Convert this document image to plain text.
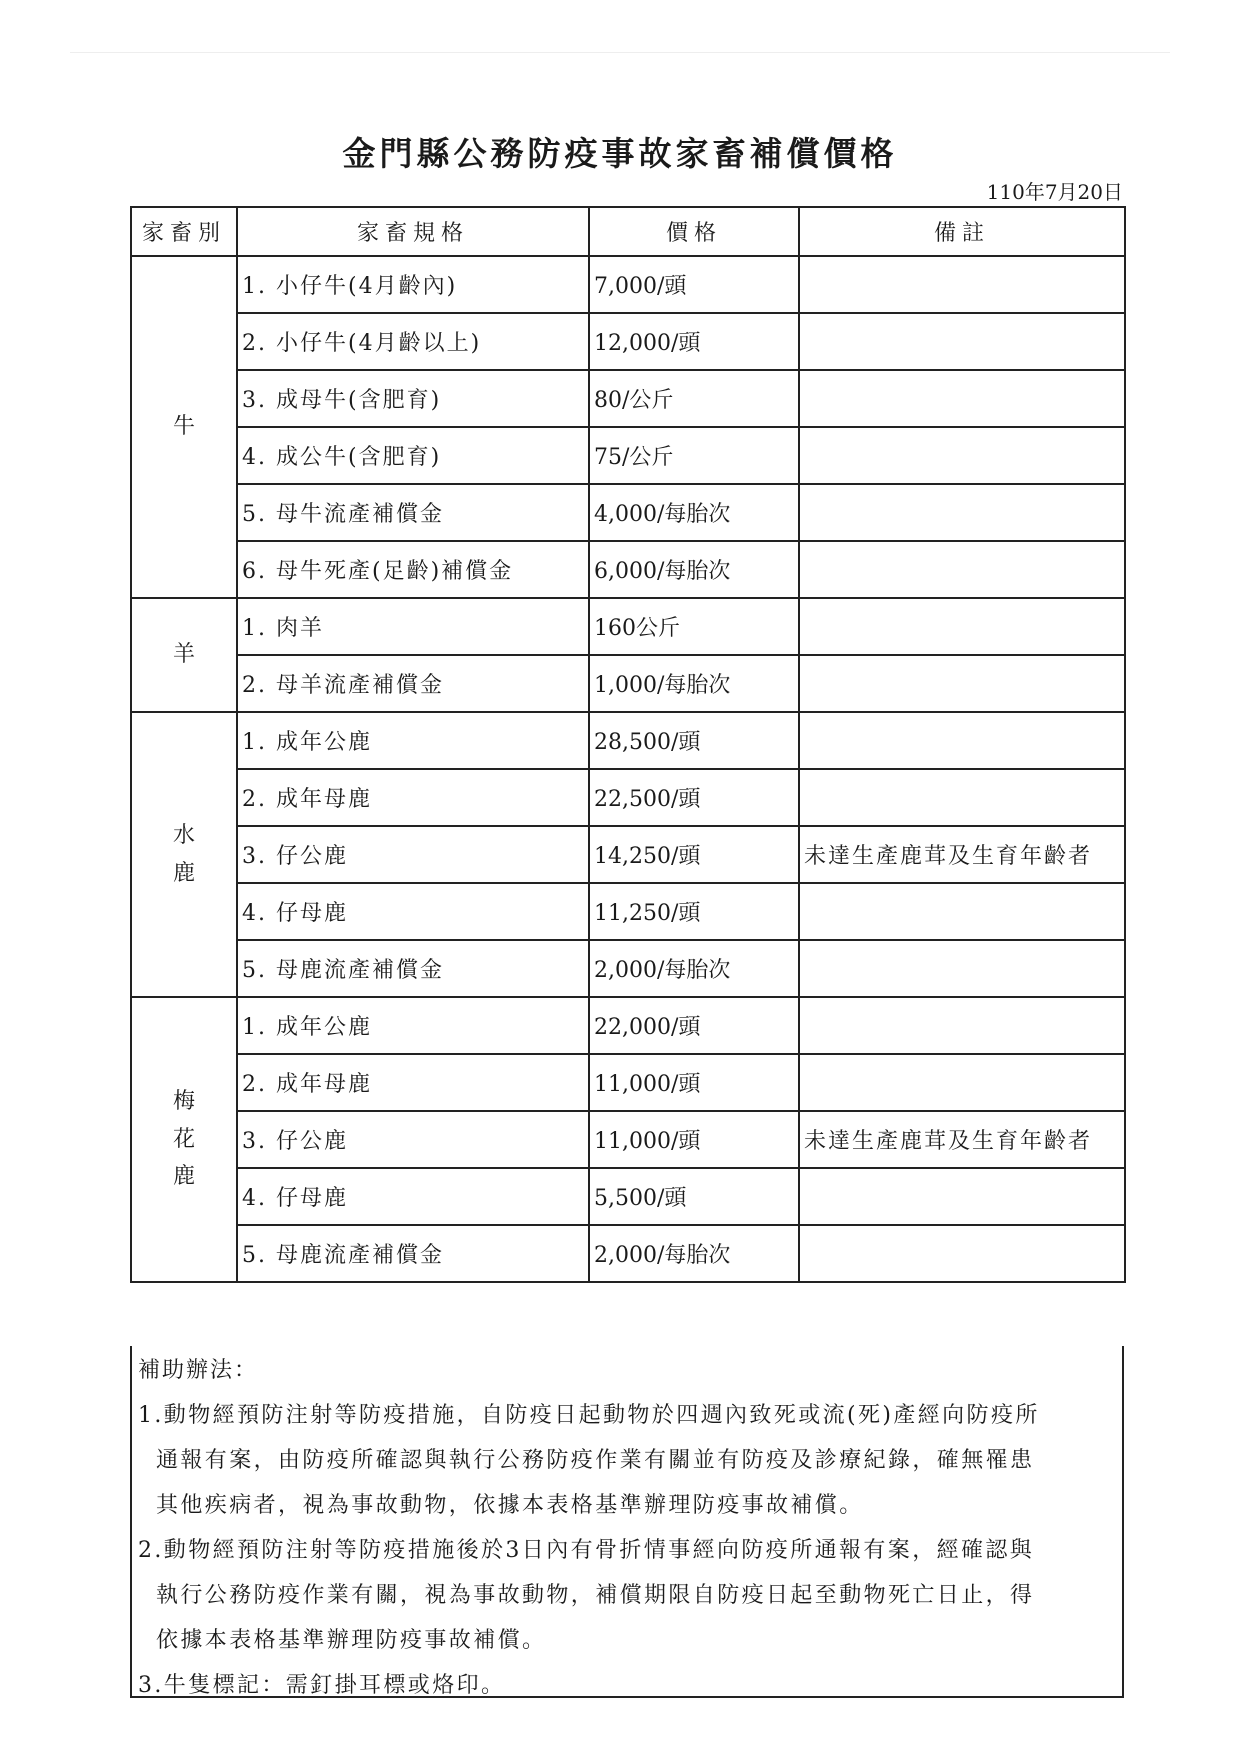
金門縣公務防疫事故家畜補償價格
110年7月20日
家畜別	家畜規格	價格	備註
牛	1. 小仔牛(4月齡內)	7,000/頭	
	2. 小仔牛(4月齡以上)	12,000/頭	
	3. 成母牛(含肥育)	80/公斤	
	4. 成公牛(含肥育)	75/公斤	
	5. 母牛流產補償金	4,000/每胎次	
	6. 母牛死產(足齡)補償金	6,000/每胎次	
羊	1. 肉羊	160公斤	
	2. 母羊流產補償金	1,000/每胎次	
水鹿	1. 成年公鹿	28,500/頭	
	2. 成年母鹿	22,500/頭	
	3. 仔公鹿	14,250/頭	未達生產鹿茸及生育年齡者
	4. 仔母鹿	11,250/頭	
	5. 母鹿流產補償金	2,000/每胎次	
梅花鹿	1. 成年公鹿	22,000/頭	
	2. 成年母鹿	11,000/頭	
	3. 仔公鹿	11,000/頭	未達生產鹿茸及生育年齡者
	4. 仔母鹿	5,500/頭	
	5. 母鹿流產補償金	2,000/每胎次	
補助辦法：
1.動物經預防注射等防疫措施，自防疫日起動物於四週內致死或流(死)產經向防疫所
通報有案，由防疫所確認與執行公務防疫作業有關並有防疫及診療紀錄，確無罹患
其他疾病者，視為事故動物，依據本表格基準辦理防疫事故補償。
2.動物經預防注射等防疫措施後於3日內有骨折情事經向防疫所通報有案，經確認與
執行公務防疫作業有關，視為事故動物，補償期限自防疫日起至動物死亡日止，得
依據本表格基準辦理防疫事故補償。
3.牛隻標記：需釘掛耳標或烙印。
